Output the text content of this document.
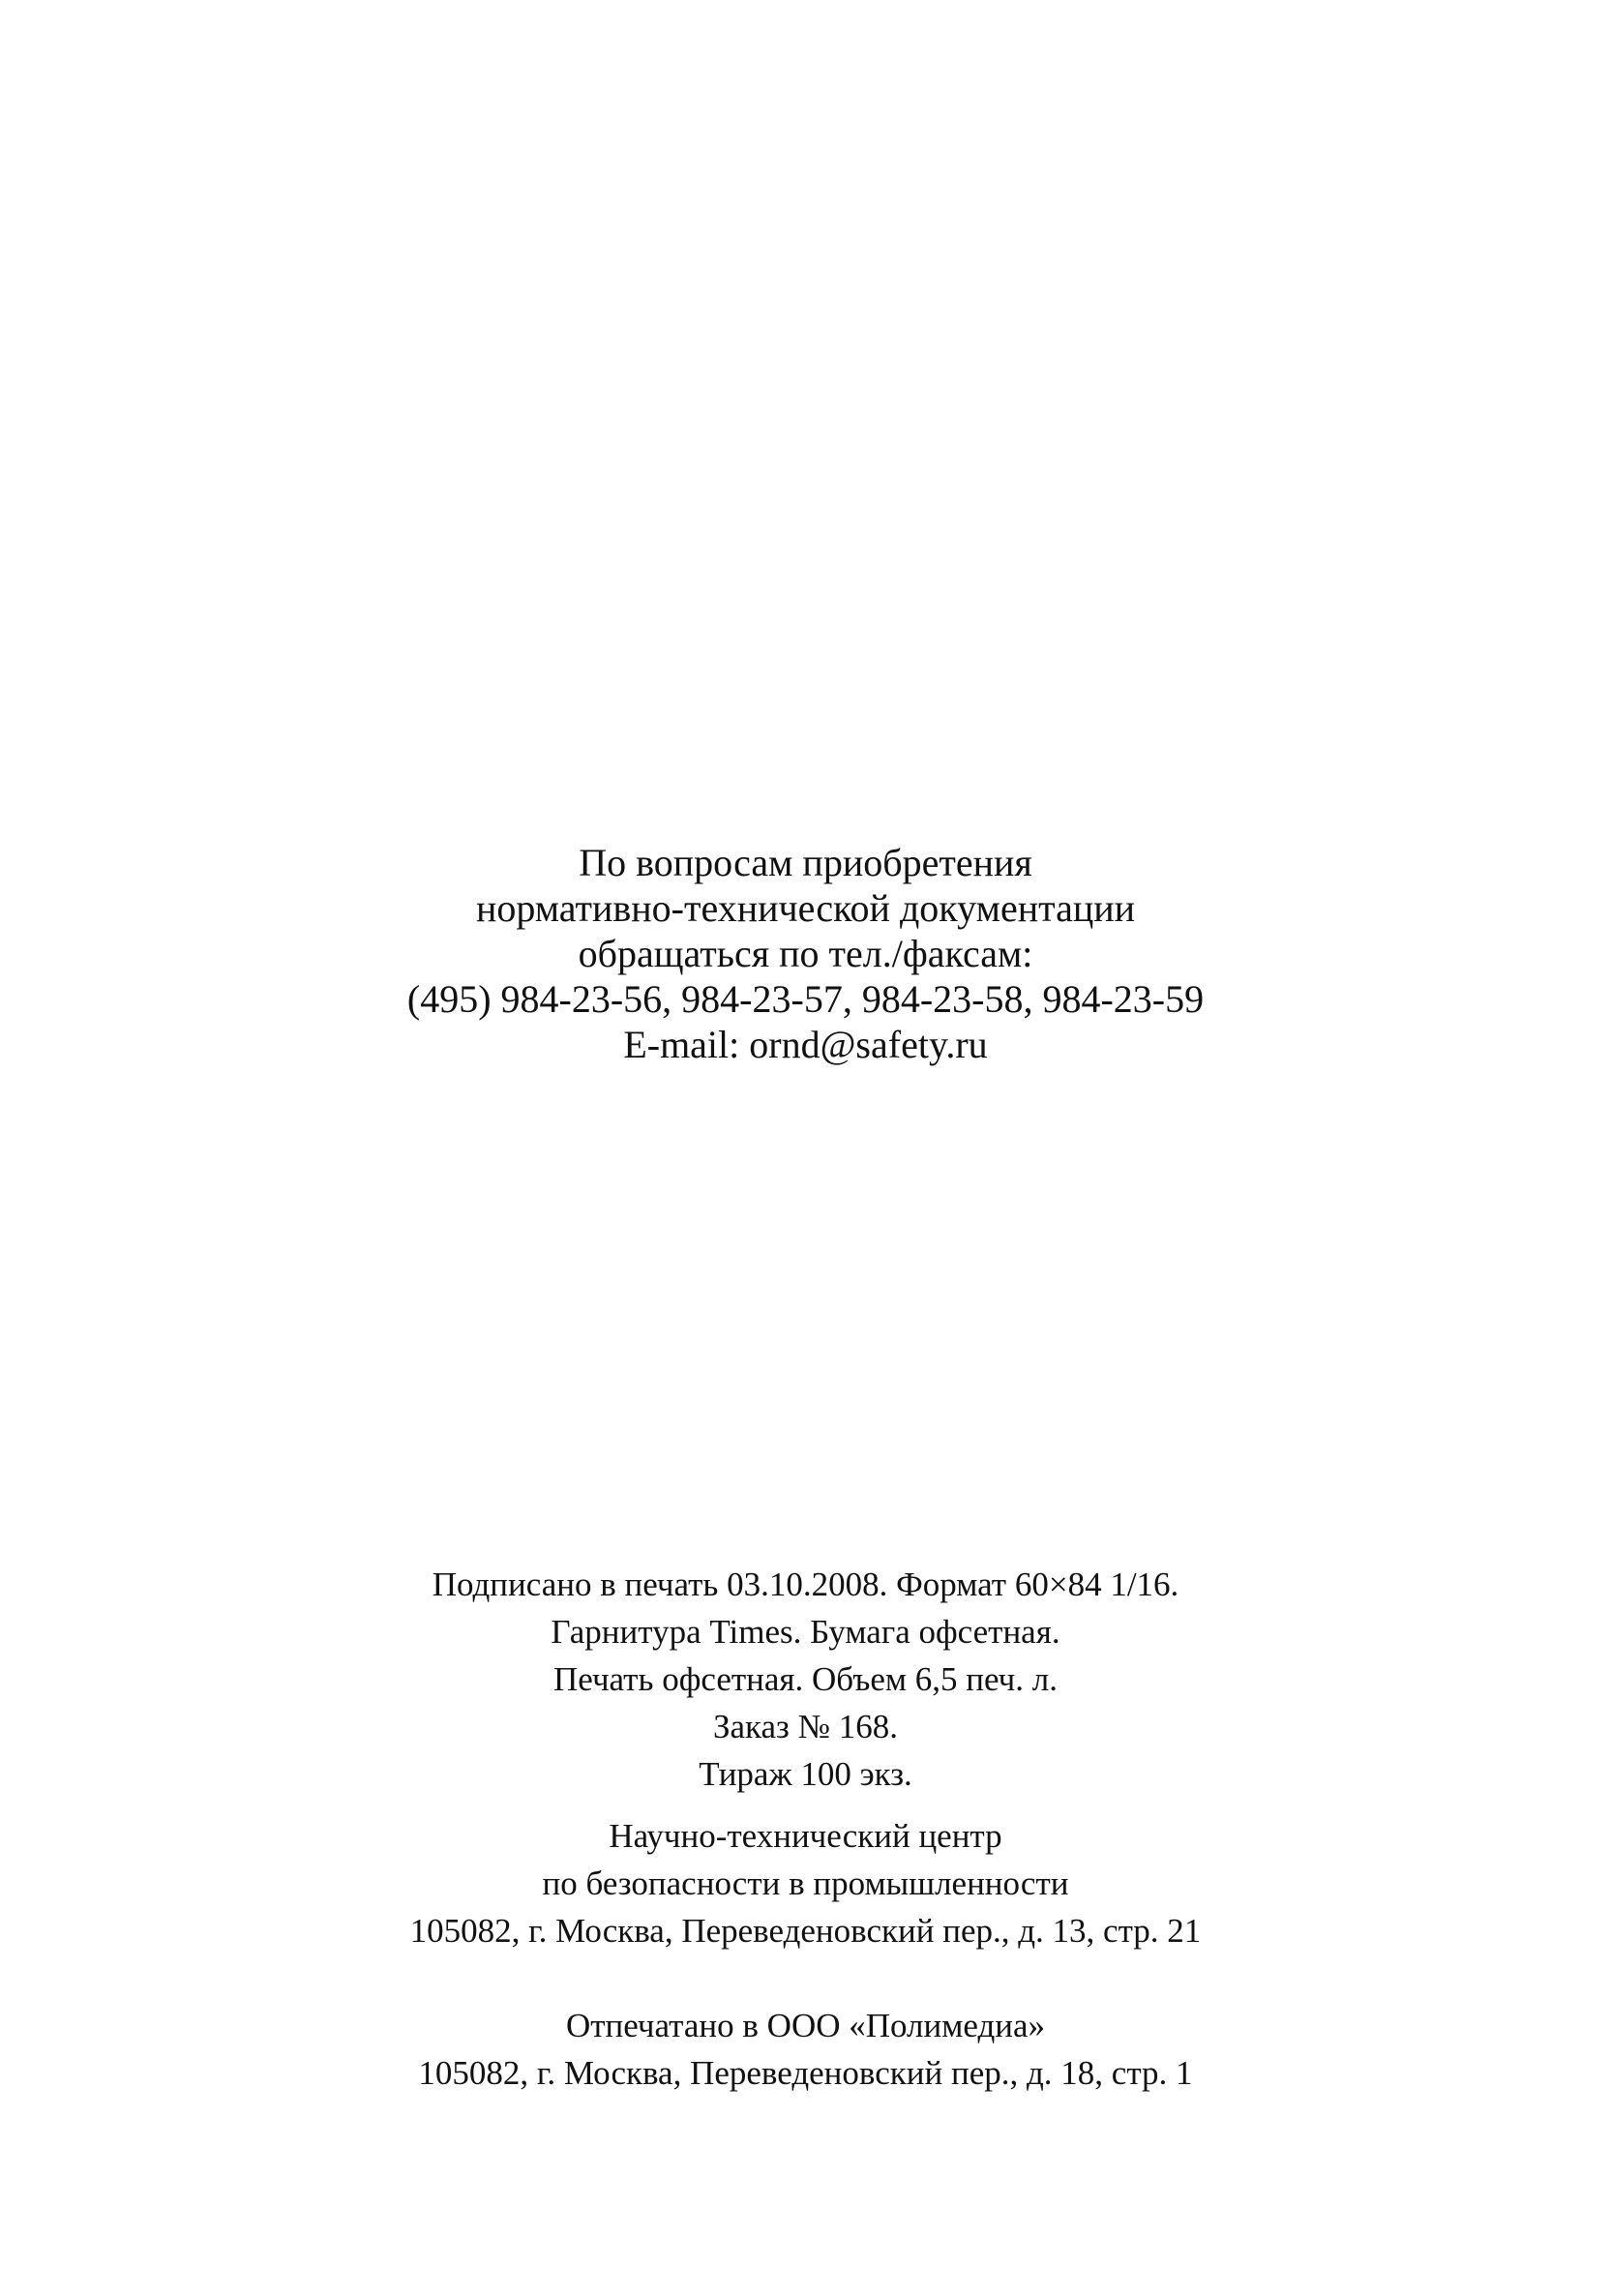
По вопросам приобретения
нормативно-технической документации
обращаться по тел./факсам:
(495) 984-23-56, 984-23-57, 984-23-58, 984-23-59
E-mail: ornd@safety.ru
Подписано в печать 03.10.2008. Формат 60×84 1/16.
Гарнитура Times. Бумага офсетная.
Печать офсетная. Объем 6,5 печ. л.
Заказ № 168.
Тираж 100 экз.
Научно-технический центр
по безопасности в промышленности
105082, г. Москва, Переведеновский пер., д. 13, стр. 21
Отпечатано в ООО «Полимедиа»
105082, г. Москва, Переведеновский пер., д. 18, стр. 1
